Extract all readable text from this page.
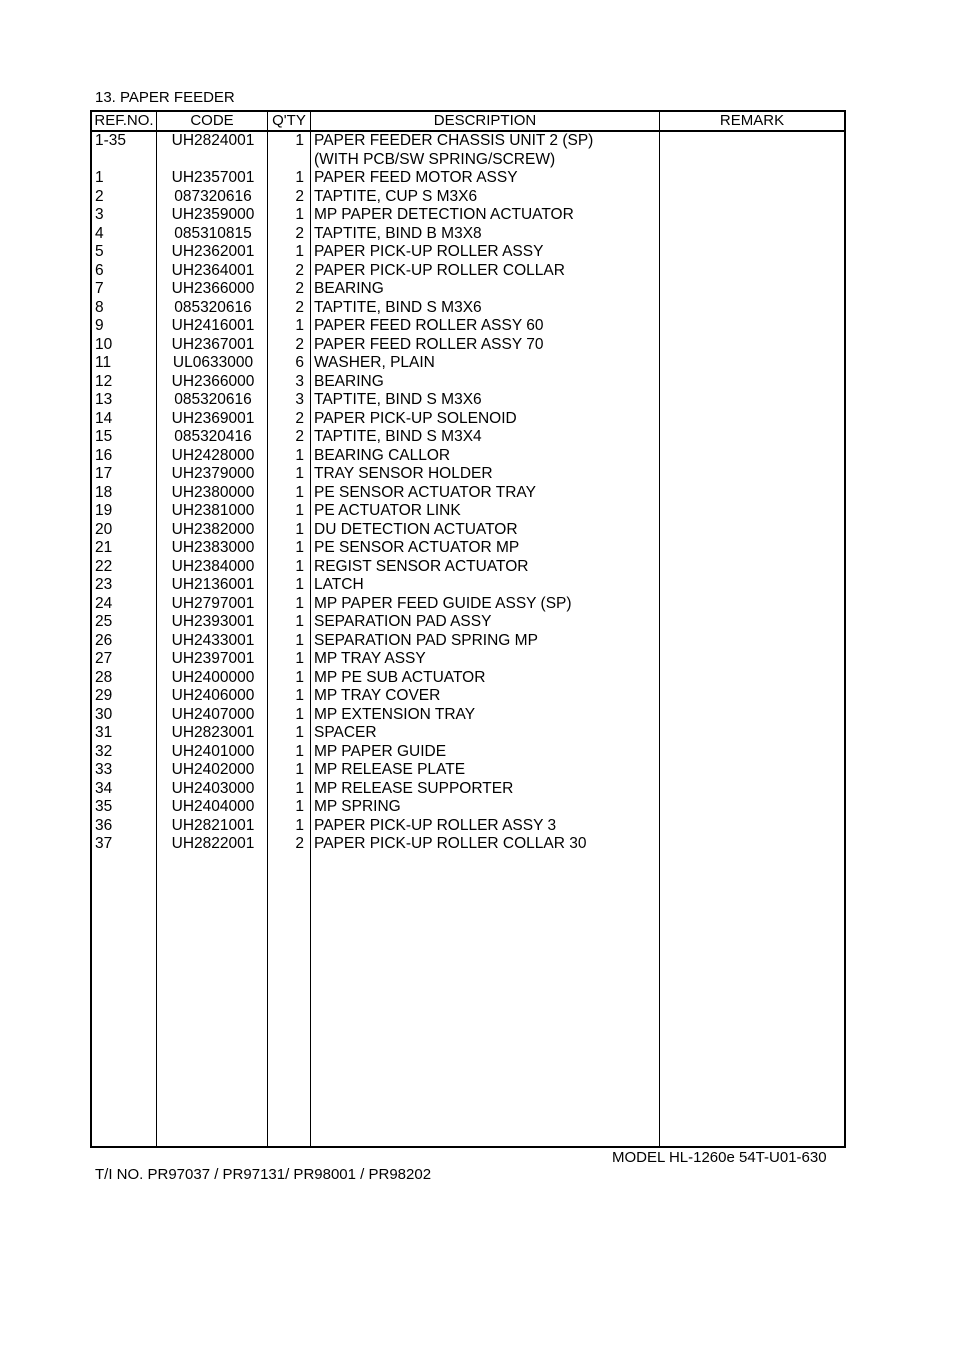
13. PAPER FEEDER
REF.NO.	CODE	Q'TY	DESCRIPTION	REMARK
1-35	UH2824001	1 PAPER FEEDER CHASSIS UNIT 2 (SP)
(WITH PCB/SW SPRING/SCREW)
1	UH2357001	1 PAPER FEED MOTOR ASSY
2	087320616	2 TAPTITE, CUP S M3X6
3	UH2359000	1 MP PAPER DETECTION ACTUATOR
4	085310815	2 TAPTITE, BIND B M3X8
5	UH2362001	1 PAPER PICK-UP ROLLER ASSY
6	UH2364001	2 PAPER PICK-UP ROLLER COLLAR
7	UH2366000	2 BEARING
8	085320616	2 TAPTITE, BIND S M3X6
9	UH2416001	1 PAPER FEED ROLLER ASSY 60
10	UH2367001	2 PAPER FEED ROLLER ASSY 70
11	UL0633000	6 WASHER, PLAIN
12	UH2366000	3 BEARING
13	085320616	3 TAPTITE, BIND S M3X6
14	UH2369001	2 PAPER PICK-UP SOLENOID
15	085320416	2 TAPTITE, BIND S M3X4
16	UH2428000	1 BEARING CALLOR
17	UH2379000	1 TRAY SENSOR HOLDER
18	UH2380000	1 PE SENSOR ACTUATOR TRAY
19	UH2381000	1 PE ACTUATOR LINK
20	UH2382000	1 DU DETECTION ACTUATOR
21	UH2383000	1 PE SENSOR ACTUATOR MP
22	UH2384000	1 REGIST SENSOR ACTUATOR
23	UH2136001	1 LATCH
24	UH2797001	1 MP PAPER FEED GUIDE ASSY (SP)
25	UH2393001	1 SEPARATION PAD ASSY
26	UH2433001	1 SEPARATION PAD SPRING MP
27	UH2397001	1 MP TRAY ASSY
28	UH2400000	1 MP PE SUB ACTUATOR
29	UH2406000	1 MP TRAY COVER
30	UH2407000	1 MP EXTENSION TRAY
31	UH2823001	1 SPACER
32	UH2401000	1 MP PAPER GUIDE
33	UH2402000	1 MP RELEASE PLATE
34	UH2403000	1 MP RELEASE SUPPORTER
35	UH2404000	1 MP SPRING
36	UH2821001	1 PAPER PICK-UP ROLLER ASSY 3
37	UH2822001	2 PAPER PICK-UP ROLLER COLLAR 30
MODEL HL-1260e 54T-U01-630
T/I NO. PR97037 / PR97131/ PR98001 / PR98202
